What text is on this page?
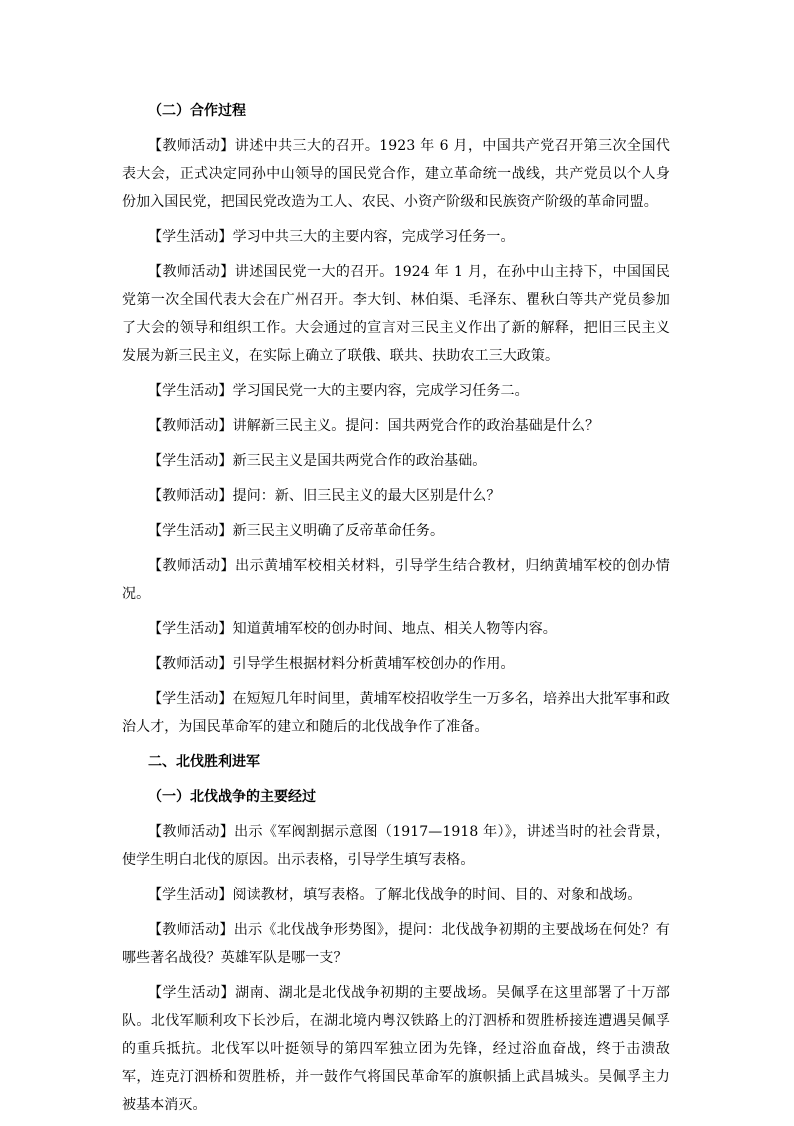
（二）合作过程

【教师活动】讲述中共三大的召开。1923 年 6 月，中国共产党召开第三次全国代表大会，正式决定同孙中山领导的国民党合作，建立革命统一战线，共产党员以个人身份加入国民党，把国民党改造为工人、农民、小资产阶级和民族资产阶级的革命同盟。

【学生活动】学习中共三大的主要内容，完成学习任务一。

【教师活动】讲述国民党一大的召开。1924 年 1 月，在孙中山主持下，中国国民党第一次全国代表大会在广州召开。李大钊、林伯渠、毛泽东、瞿秋白等共产党员参加了大会的领导和组织工作。大会通过的宣言对三民主义作出了新的解释，把旧三民主义发展为新三民主义，在实际上确立了联俄、联共、扶助农工三大政策。

【学生活动】学习国民党一大的主要内容，完成学习任务二。

【教师活动】讲解新三民主义。提问：国共两党合作的政治基础是什么？

【学生活动】新三民主义是国共两党合作的政治基础。

【教师活动】提问：新、旧三民主义的最大区别是什么？

【学生活动】新三民主义明确了反帝革命任务。

【教师活动】出示黄埔军校相关材料，引导学生结合教材，归纳黄埔军校的创办情况。

【学生活动】知道黄埔军校的创办时间、地点、相关人物等内容。

【教师活动】引导学生根据材料分析黄埔军校创办的作用。

【学生活动】在短短几年时间里，黄埔军校招收学生一万多名，培养出大批军事和政治人才，为国民革命军的建立和随后的北伐战争作了准备。

二、北伐胜利进军
（一）北伐战争的主要经过

【教师活动】出示《军阀割据示意图（1917—1918 年）》，讲述当时的社会背景，使学生明白北伐的原因。出示表格，引导学生填写表格。

【学生活动】阅读教材，填写表格。了解北伐战争的时间、目的、对象和战场。

【教师活动】出示《北伐战争形势图》，提问：北伐战争初期的主要战场在何处？有哪些著名战役？英雄军队是哪一支？

【学生活动】湖南、湖北是北伐战争初期的主要战场。吴佩孚在这里部署了十万部队。北伐军顺利攻下长沙后，在湖北境内粤汉铁路上的汀泗桥和贺胜桥接连遭遇吴佩孚的重兵抵抗。北伐军以叶挺领导的第四军独立团为先锋，经过浴血奋战，终于击溃敌军，连克汀泗桥和贺胜桥，并一鼓作气将国民革命军的旗帜插上武昌城头。吴佩孚主力被基本消灭。
